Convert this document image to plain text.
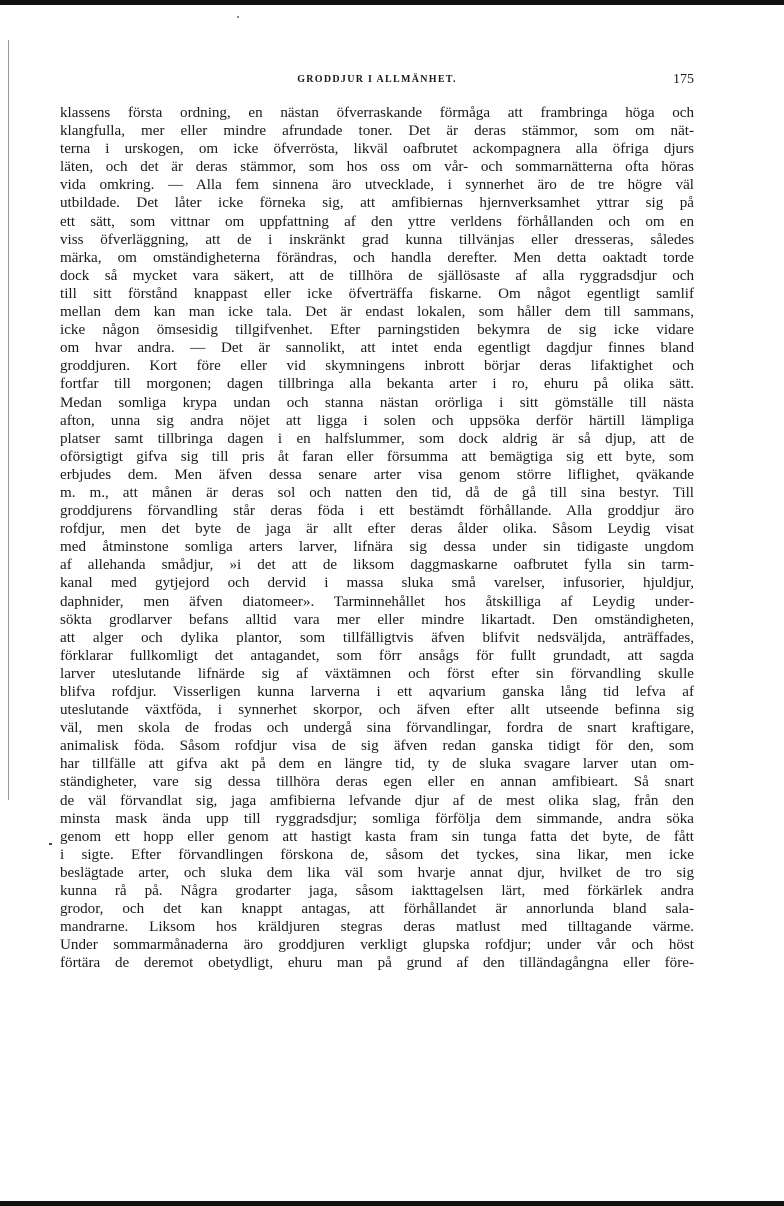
GRODDJUR I ALLMÄNHET.	175
klassens första ordning, en nästan öfverraskande förmåga att frambringa höga och
klangfulla, mer eller mindre afrundade toner. Det är deras stämmor, som om nät-
terna i urskogen, om icke öfverrösta, likväl oafbrutet ackompagnera alla öfriga djurs
läten, och det är deras stämmor, som hos oss om vår- och sommarnätterna ofta höras
vida omkring. — Alla fem sinnena äro utvecklade, i synnerhet äro de tre högre väl
utbildade. Det låter icke förneka sig, att amfibiernas hjernverksamhet yttrar sig på
ett sätt, som vittnar om uppfattning af den yttre verldens förhållanden och om en
viss öfverläggning, att de i inskränkt grad kunna tillvänjas eller dresseras, således
märka, om omständigheterna förändras, och handla derefter. Men detta oaktadt torde
dock så mycket vara säkert, att de tillhöra de själlösaste af alla ryggradsdjur och
till sitt förstånd knappast eller icke öfverträffa fiskarne. Om något egentligt samlif
mellan dem kan man icke tala. Det är endast lokalen, som håller dem till sammans,
icke någon ömsesidig tillgifvenhet. Efter parningstiden bekymra de sig icke vidare
om hvar andra. — Det är sannolikt, att intet enda egentligt dagdjur finnes bland
groddjuren. Kort före eller vid skymningens inbrott börjar deras lifaktighet och
fortfar till morgonen; dagen tillbringa alla bekanta arter i ro, ehuru på olika sätt.
Medan somliga krypa undan och stanna nästan orörliga i sitt gömställe till nästa
afton, unna sig andra nöjet att ligga i solen och uppsöka derför härtill lämpliga
platser samt tillbringa dagen i en halfslummer, som dock aldrig är så djup, att de
oförsigtigt gifva sig till pris åt faran eller försumma att bemägtiga sig ett byte, som
erbjudes dem. Men äfven dessa senare arter visa genom större liflighet, qväkande
m. m., att månen är deras sol och natten den tid, då de gå till sina bestyr. Till
groddjurens förvandling står deras föda i ett bestämdt förhållande. Alla groddjur äro
rofdjur, men det byte de jaga är allt efter deras ålder olika. Såsom Leydig visat
med åtminstone somliga arters larver, lifnära sig dessa under sin tidigaste ungdom
af allehanda smådjur, »i det att de liksom daggmaskarne oafbrutet fylla sin tarm-
kanal med gytjejord och dervid i massa sluka små varelser, infusorier, hjuldjur,
daphnider, men äfven diatomeer». Tarminnehållet hos åtskilliga af Leydig under-
sökta grodlarver befans alltid vara mer eller mindre likartadt. Den omständigheten,
att alger och dylika plantor, som tillfälligtvis äfven blifvit nedsväljda, anträffades,
förklarar fullkomligt det antagandet, som förr ansågs för fullt grundadt, att sagda
larver uteslutande lifnärde sig af växtämnen och först efter sin förvandling skulle
blifva rofdjur. Visserligen kunna larverna i ett aqvarium ganska lång tid lefva af
uteslutande växtföda, i synnerhet skorpor, och äfven efter allt utseende befinna sig
väl, men skola de frodas och undergå sina förvandlingar, fordra de snart kraftigare,
animalisk föda. Såsom rofdjur visa de sig äfven redan ganska tidigt för den, som
har tillfälle att gifva akt på dem en längre tid, ty de sluka svagare larver utan om-
ständigheter, vare sig dessa tillhöra deras egen eller en annan amfibieart. Så snart
de väl förvandlat sig, jaga amfibierna lefvande djur af de mest olika slag, från den
minsta mask ända upp till ryggradsdjur; somliga förfölja dem simmande, andra söka
genom ett hopp eller genom att hastigt kasta fram sin tunga fatta det byte, de fått
i sigte. Efter förvandlingen förskona de, såsom det tyckes, sina likar, men icke
beslägtade arter, och sluka dem lika väl som hvarje annat djur, hvilket de tro sig
kunna rå på. Några grodarter jaga, såsom iakttagelsen lärt, med förkärlek andra
grodor, och det kan knappt antagas, att förhållandet är annorlunda bland sala-
mandrarne. Liksom hos kräldjuren stegras deras matlust med tilltagande värme.
Under sommarmånaderna äro groddjuren verkligt glupska rofdjur; under vår och höst
förtära de deremot obetydligt, ehuru man på grund af den tilländagångna eller före-
